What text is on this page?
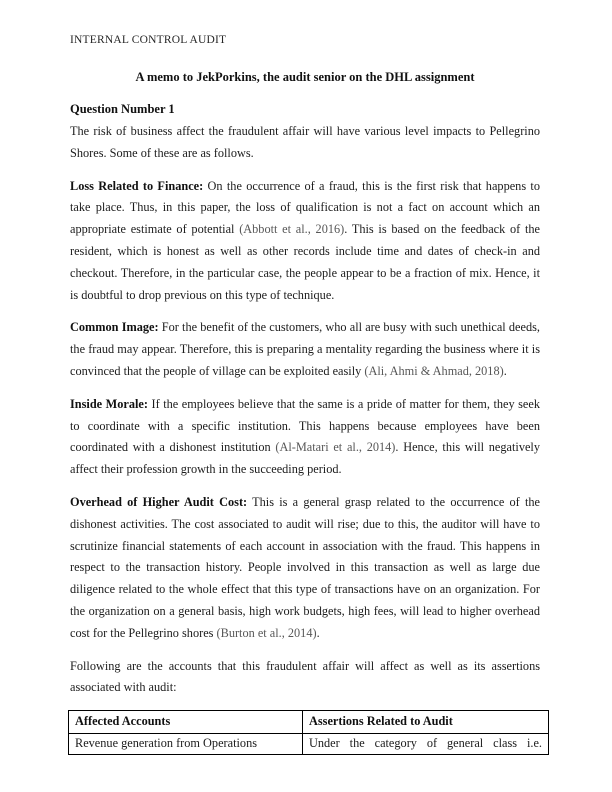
INTERNAL CONTROL AUDIT
A memo to JekPorkins, the audit senior on the DHL assignment
Question Number 1

The risk of business affect the fraudulent affair will have various level impacts to Pellegrino Shores. Some of these are as follows.

Loss Related to Finance: On the occurrence of a fraud, this is the first risk that happens to take place. Thus, in this paper, the loss of qualification is not a fact on account which an appropriate estimate of potential (Abbott et al., 2016). This is based on the feedback of the resident, which is honest as well as other records include time and dates of check-in and checkout. Therefore, in the particular case, the people appear to be a fraction of mix. Hence, it is doubtful to drop previous on this type of technique.

Common Image: For the benefit of the customers, who all are busy with such unethical deeds, the fraud may appear. Therefore, this is preparing a mentality regarding the business where it is convinced that the people of village can be exploited easily (Ali, Ahmi & Ahmad, 2018).

Inside Morale: If the employees believe that the same is a pride of matter for them, they seek to coordinate with a specific institution. This happens because employees have been coordinated with a dishonest institution (Al-Matari et al., 2014). Hence, this will negatively affect their profession growth in the succeeding period.

Overhead of Higher Audit Cost: This is a general grasp related to the occurrence of the dishonest activities. The cost associated to audit will rise; due to this, the auditor will have to scrutinize financial statements of each account in association with the fraud. This happens in respect to the transaction history. People involved in this transaction as well as large due diligence related to the whole effect that this type of transactions have on an organization. For the organization on a general basis, high work budgets, high fees, will lead to higher overhead cost for the Pellegrino shores (Burton et al., 2014).

Following are the accounts that this fraudulent affair will affect as well as its assertions associated with audit:

Affected Accounts	Assertions Related to Audit
Revenue generation from Operations	Under the category of general class i.e.
